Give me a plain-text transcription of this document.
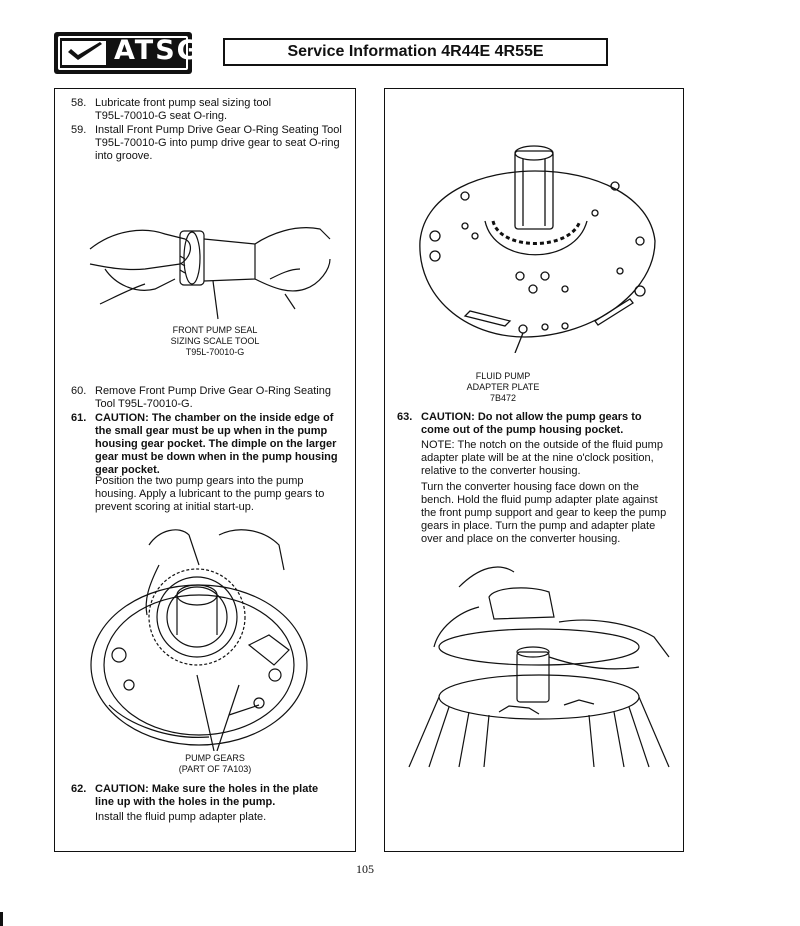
ATSG	Service Information 4R44E 4R55E
58. Lubricate front pump seal sizing tool T95L-70010-G seat O-ring.
59. Install Front Pump Drive Gear O-Ring Seating Tool T95L-70010-G into pump drive gear to seat O-ring into groove.
FRONT PUMP SEAL
SIZING SCALE TOOL
T95L-70010-G
60. Remove Front Pump Drive Gear O-Ring Seating Tool T95L-70010-G.
61. CAUTION: The chamber on the inside edge of the small gear must be up when in the pump housing gear pocket. The dimple on the larger gear must be down when in the pump housing gear pocket.
Position the two pump gears into the pump housing. Apply a lubricant to the pump gears to prevent scoring at initial start-up.
PUMP GEARS
(PART OF 7A103)
62. CAUTION: Make sure the holes in the plate line up with the holes in the pump.
Install the fluid pump adapter plate.
FLUID PUMP
ADAPTER PLATE
7B472
63. CAUTION: Do not allow the pump gears to come out of the pump housing pocket.
NOTE: The notch on the outside of the fluid pump adapter plate will be at the nine o'clock position, relative to the converter housing.
Turn the converter housing face down on the bench. Hold the fluid pump adapter plate against the front pump support and gear to keep the pump gears in place. Turn the pump and adapter plate over and place on the converter housing.
105
